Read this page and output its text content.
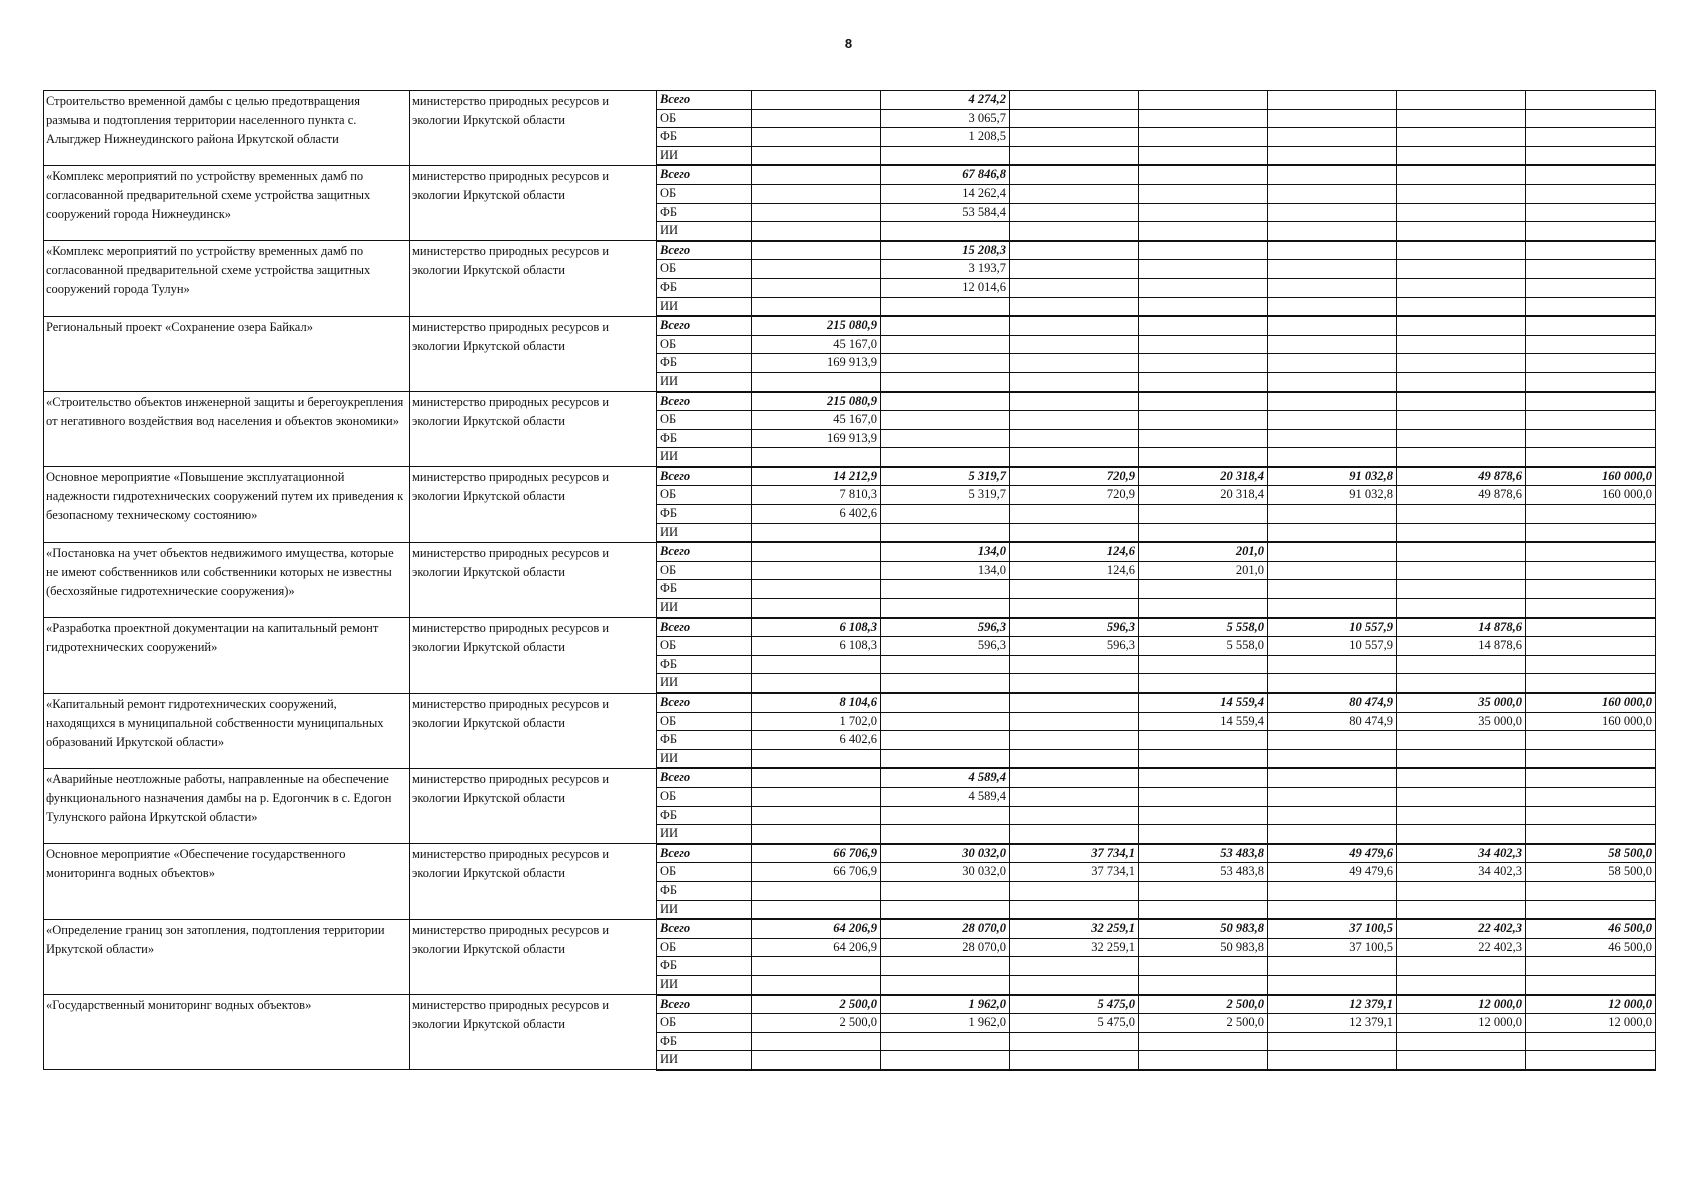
8
Строительство временной дамбы с целью предотвращения размыва и подтопления территории населенного пункта с. Алыгджер Нижнеудинского района Иркутской области	министерство природных ресурсов и экологии Иркутской области	Всего		4 274,2					
		ОБ		3 065,7					
		ФБ		1 208,5					
		ИИ							
«Комплекс мероприятий по устройству временных дамб по согласованной предварительной схеме устройства защитных сооружений города Нижнеудинск»	министерство природных ресурсов и экологии Иркутской области	Всего		67 846,8					
		ОБ		14 262,4					
		ФБ		53 584,4					
		ИИ							
«Комплекс мероприятий по устройству временных дамб по согласованной предварительной схеме устройства защитных сооружений города Тулун»	министерство природных ресурсов и экологии Иркутской области	Всего		15 208,3					
		ОБ		3 193,7					
		ФБ		12 014,6					
		ИИ							
Региональный проект «Сохранение озера Байкал»	министерство природных ресурсов и экологии Иркутской области	Всего	215 080,9						
		ОБ	45 167,0						
		ФБ	169 913,9						
		ИИ							
«Строительство объектов инженерной защиты и берегоукрепления от негативного воздействия вод населения и объектов экономики»	министерство природных ресурсов и экологии Иркутской области	Всего	215 080,9						
		ОБ	45 167,0						
		ФБ	169 913,9						
		ИИ							
Основное мероприятие «Повышение эксплуатационной надежности гидротехнических сооружений путем их приведения к безопасному техническому состоянию»	министерство природных ресурсов и экологии Иркутской области	Всего	14 212,9	5 319,7	720,9	20 318,4	91 032,8	49 878,6	160 000,0
		ОБ	7 810,3	5 319,7	720,9	20 318,4	91 032,8	49 878,6	160 000,0
		ФБ	6 402,6						
		ИИ							
«Постановка на учет объектов недвижимого имущества, которые не имеют собственников или собственники которых не известны (бесхозяйные гидротехнические сооружения)»	министерство природных ресурсов и экологии Иркутской области	Всего		134,0	124,6	201,0			
		ОБ		134,0	124,6	201,0			
		ФБ							
		ИИ							
«Разработка проектной документации на капитальный ремонт гидротехнических сооружений»	министерство природных ресурсов и экологии Иркутской области	Всего	6 108,3	596,3	596,3	5 558,0	10 557,9	14 878,6	
		ОБ	6 108,3	596,3	596,3	5 558,0	10 557,9	14 878,6	
		ФБ							
		ИИ							
«Капитальный ремонт гидротехнических сооружений, находящихся в муниципальной собственности муниципальных образований Иркутской области»	министерство природных ресурсов и экологии Иркутской области	Всего	8 104,6			14 559,4	80 474,9	35 000,0	160 000,0
		ОБ	1 702,0			14 559,4	80 474,9	35 000,0	160 000,0
		ФБ	6 402,6						
		ИИ							
«Аварийные неотложные работы, направленные на обеспечение функционального назначения дамбы на р. Едогончик в с. Едогон Тулунского района Иркутской области»	министерство природных ресурсов и экологии Иркутской области	Всего		4 589,4					
		ОБ		4 589,4					
		ФБ							
		ИИ							
Основное мероприятие «Обеспечение государственного мониторинга водных объектов»	министерство природных ресурсов и экологии Иркутской области	Всего	66 706,9	30 032,0	37 734,1	53 483,8	49 479,6	34 402,3	58 500,0
		ОБ	66 706,9	30 032,0	37 734,1	53 483,8	49 479,6	34 402,3	58 500,0
		ФБ							
		ИИ							
«Определение границ зон затопления, подтопления территории Иркутской области»	министерство природных ресурсов и экологии Иркутской области	Всего	64 206,9	28 070,0	32 259,1	50 983,8	37 100,5	22 402,3	46 500,0
		ОБ	64 206,9	28 070,0	32 259,1	50 983,8	37 100,5	22 402,3	46 500,0
		ФБ							
		ИИ							
«Государственный мониторинг водных объектов»	министерство природных ресурсов и экологии Иркутской области	Всего	2 500,0	1 962,0	5 475,0	2 500,0	12 379,1	12 000,0	12 000,0
		ОБ	2 500,0	1 962,0	5 475,0	2 500,0	12 379,1	12 000,0	12 000,0
		ФБ							
		ИИ							
